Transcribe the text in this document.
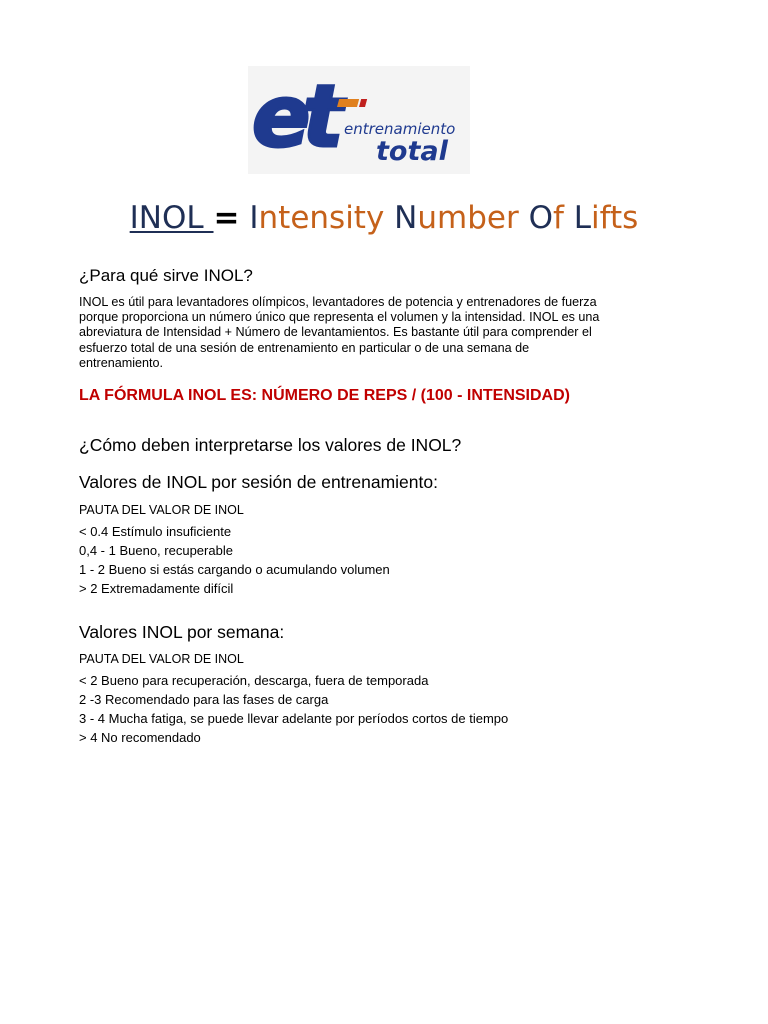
et entrenamiento
total
INOL = Intensity Number Of Lifts
¿Para qué sirve INOL?
INOL es útil para levantadores olímpicos, levantadores de potencia y entrenadores de fuerza
porque proporciona un número único que representa el volumen y la intensidad. INOL es una
abreviatura de Intensidad + Número de levantamientos. Es bastante útil para comprender el
esfuerzo total de una sesión de entrenamiento en particular o de una semana de
entrenamiento.
LA FÓRMULA INOL ES: NÚMERO DE REPS / (100 - INTENSIDAD)
¿Cómo deben interpretarse los valores de INOL?
Valores de INOL por sesión de entrenamiento:
PAUTA DEL VALOR DE INOL
< 0.4 Estímulo insuficiente
0,4 - 1 Bueno, recuperable
1 - 2 Bueno si estás cargando o acumulando volumen
> 2 Extremadamente difícil
Valores INOL por semana:
PAUTA DEL VALOR DE INOL
< 2 Bueno para recuperación, descarga, fuera de temporada
2 -3 Recomendado para las fases de carga
3 - 4 Mucha fatiga, se puede llevar adelante por períodos cortos de tiempo
> 4 No recomendado
